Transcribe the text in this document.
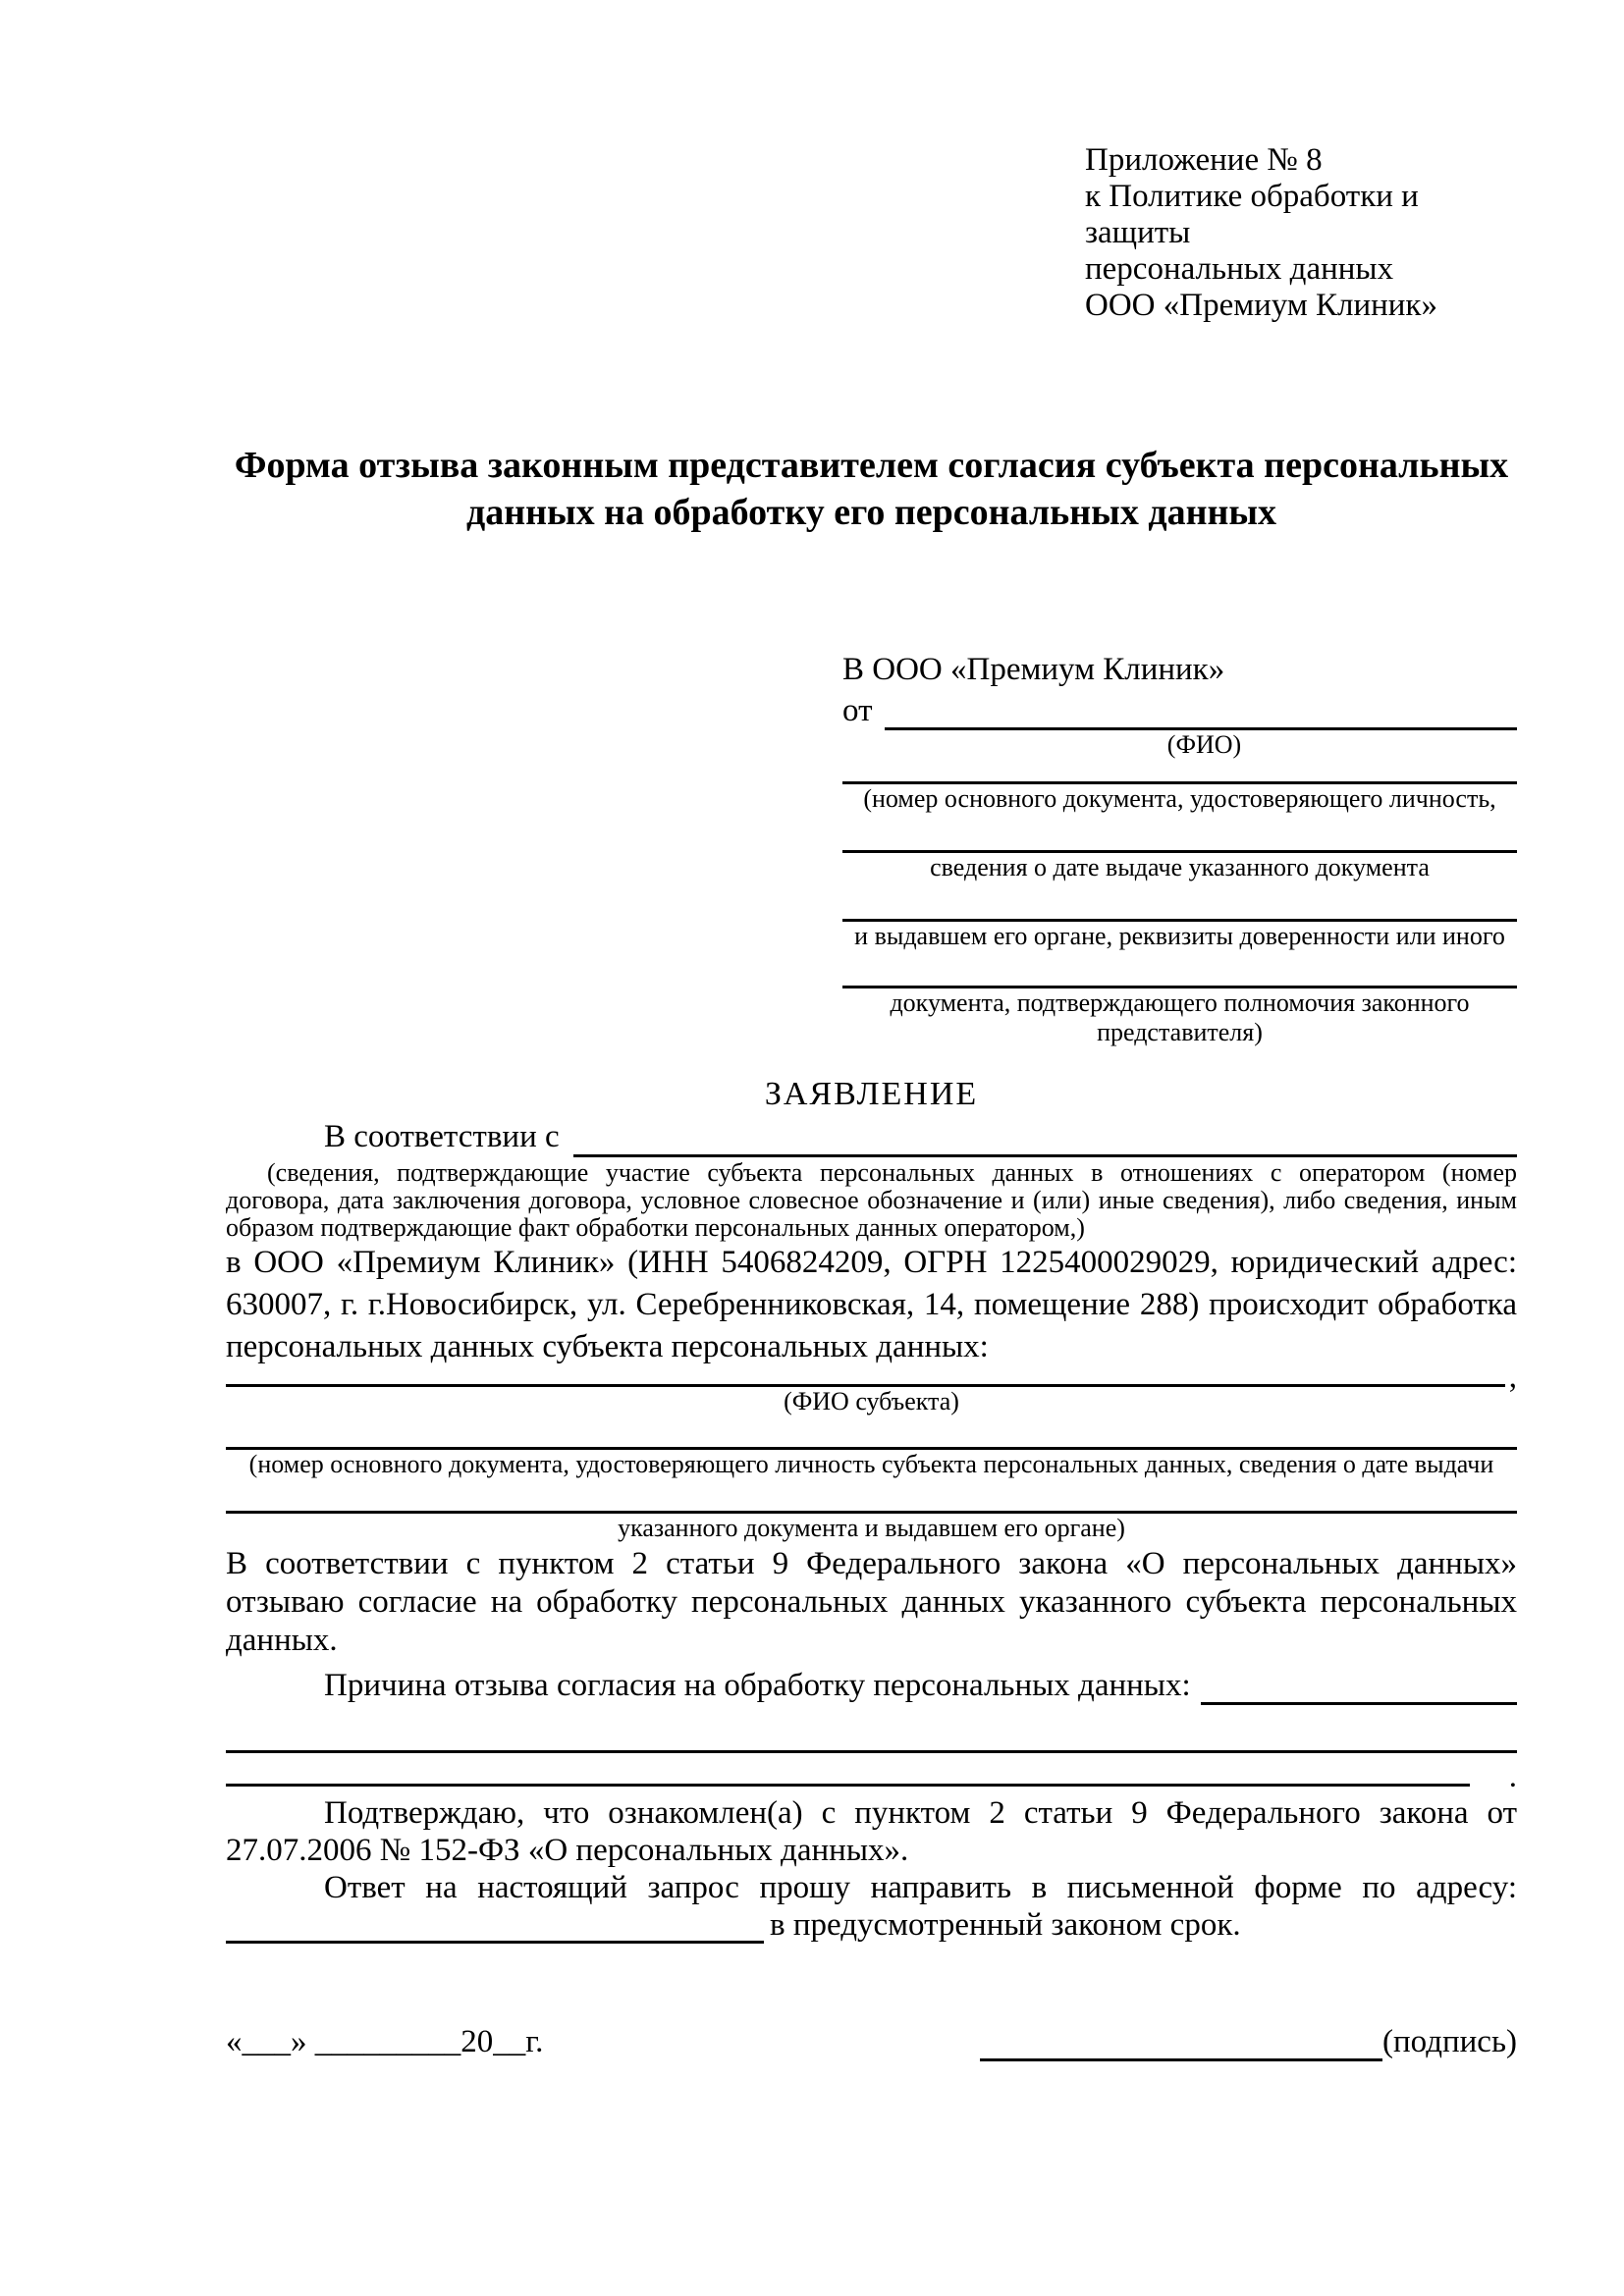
Приложение № 8
к Политике обработки и защиты
персональных данных
ООО «Премиум Клиник»
Форма отзыва законным представителем согласия субъекта персональных данных на обработку его персональных данных
В ООО «Премиум Клиник»
от
(ФИО)
(номер основного документа, удостоверяющего личность,
сведения о дате выдаче указанного документа
и выдавшем его органе, реквизиты доверенности или иного
документа, подтверждающего полномочия законного представителя)
ЗАЯВЛЕНИЕ
В соответствии с
(сведения, подтверждающие участие субъекта персональных данных в отношениях с оператором (номер договора, дата заключения договора, условное словесное обозначение и (или) иные сведения), либо сведения, иным образом подтверждающие факт обработки персональных данных оператором,)

в ООО «Премиум Клиник» (ИНН 5406824209, ОГРН 1225400029029, юридический адрес: 630007, г. г.Новосибирск, ул. Серебренниковская, 14, помещение 288) происходит обработка персональных данных субъекта персональных данных:

,
(ФИО субъекта)
(номер основного документа, удостоверяющего личность субъекта персональных данных, сведения о дате выдачи
указанного документа и выдавшем его органе)

В соответствии с пунктом 2 статьи 9 Федерального закона «О персональных данных» отзываю согласие на обработку персональных данных указанного субъекта персональных данных.

Причина отзыва согласия на обработку персональных данных:
.

Подтверждаю, что ознакомлен(а) с пунктом 2 статьи 9 Федерального закона от 27.07.2006 № 152-ФЗ «О персональных данных».

Ответ на настоящий запрос прошу направить в письменной форме по адресу:
в предусмотренный законом срок.
«___» _________20__г.	(подпись)
